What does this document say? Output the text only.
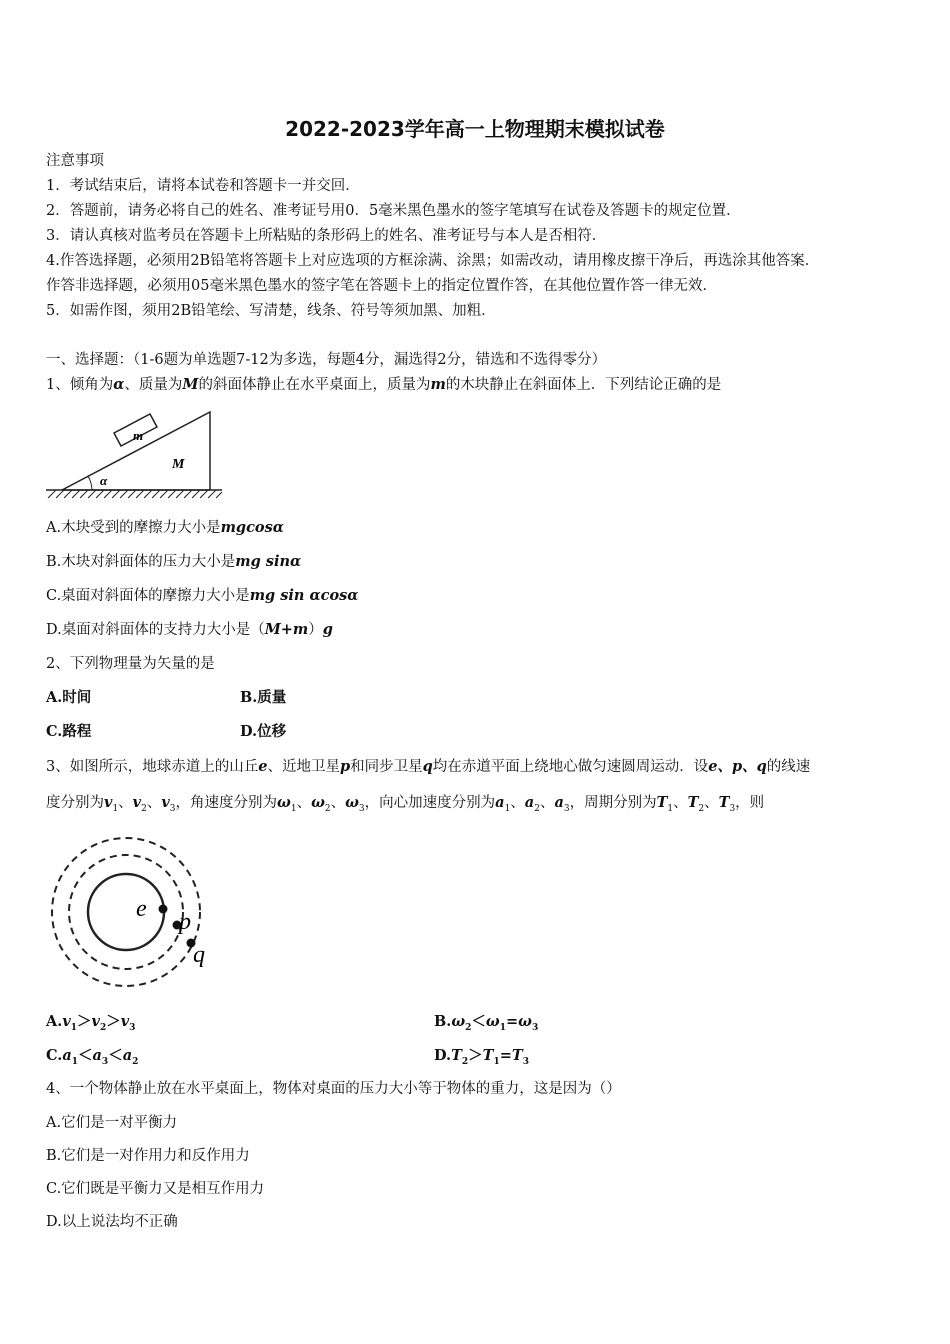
2022-2023学年高一上物理期末模拟试卷
注意事项
1．考试结束后，请将本试卷和答题卡一并交回．
2．答题前，请务必将自己的姓名、准考证号用0．5毫米黑色墨水的签字笔填写在试卷及答题卡的规定位置．
3．请认真核对监考员在答题卡上所粘贴的条形码上的姓名、准考证号与本人是否相符．
4.作答选择题，必须用2B铅笔将答题卡上对应选项的方框涂满、涂黑；如需改动，请用橡皮擦干净后，再选涂其他答案．
作答非选择题，必须用05毫米黑色墨水的签字笔在答题卡上的指定位置作答，在其他位置作答一律无效．
5．如需作图，须用2B铅笔绘、写清楚，线条、符号等须加黑、加粗．
一、选择题：（1-6题为单选题7-12为多选，每题4分，漏选得2分，错选和不选得零分）
1、倾角为α、质量为M的斜面体静止在水平桌面上，质量为m的木块静止在斜面体上．下列结论正确的是
m
M
α
A.木块受到的摩擦力大小是mgcosα
B.木块对斜面体的压力大小是mg sinα
C.桌面对斜面体的摩擦力大小是mg sin αcosα
D.桌面对斜面体的支持力大小是（M+m）g
2、下列物理量为矢量的是
A.时间	B.质量
C.路程	D.位移
3、如图所示，地球赤道上的山丘e、近地卫星p和同步卫星q均在赤道平面上绕地心做匀速圆周运动．设e、p、q的线速
度分别为$v_1$、$v_2$、$v_3$，角速度分别为$\omega_1$、$\omega_2$、$\omega_3$，向心加速度分别为$a_1$、$a_2$、$a_3$，周期分别为$T_1$、$T_2$、$T_3$，则
e p
q
$A.v_1>v_2>v_3$	$B.\omega_2<\omega_1=\omega_3$
$C.a_1<a_3<a_2$	$D.T_2>T_1=T_3$
4、一个物体静止放在水平桌面上，物体对桌面的压力大小等于物体的重力，这是因为（）
A.它们是一对平衡力
B.它们是一对作用力和反作用力
C.它们既是平衡力又是相互作用力
D.以上说法均不正确
